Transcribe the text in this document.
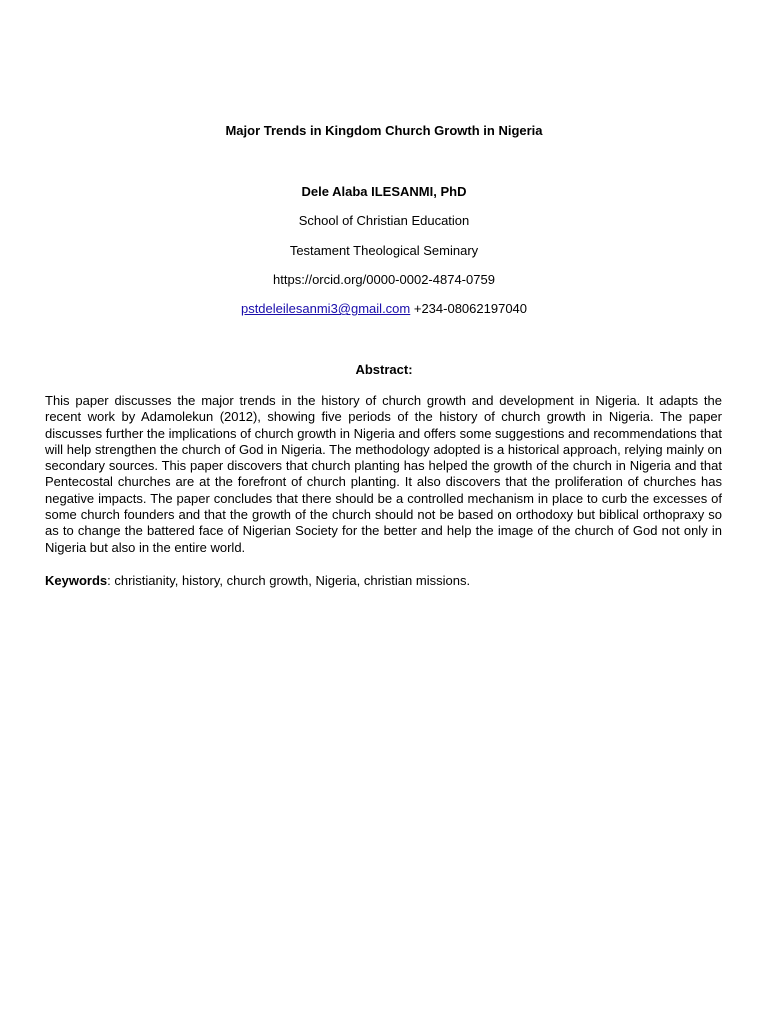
Major Trends in Kingdom Church Growth in Nigeria
Dele Alaba ILESANMI, PhD
School of Christian Education
Testament Theological Seminary
https://orcid.org/0000-0002-4874-0759
pstdeleilesanmi3@gmail.com +234-08062197040
Abstract:
This paper discusses the major trends in the history of church growth and development in Nigeria. It adapts the recent work by Adamolekun (2012), showing five periods of the history of church growth in Nigeria. The paper discusses further the implications of church growth in Nigeria and offers some suggestions and recommendations that will help strengthen the church of God in Nigeria. The methodology adopted is a historical approach, relying mainly on secondary sources. This paper discovers that church planting has helped the growth of the church in Nigeria and that Pentecostal churches are at the forefront of church planting. It also discovers that the proliferation of churches has negative impacts. The paper concludes that there should be a controlled mechanism in place to curb the excesses of some church founders and that the growth of the church should not be based on orthodoxy but biblical orthopraxy so as to change the battered face of Nigerian Society for the better and help the image of the church of God not only in Nigeria but also in the entire world.
Keywords: christianity, history, church growth, Nigeria, christian missions.
